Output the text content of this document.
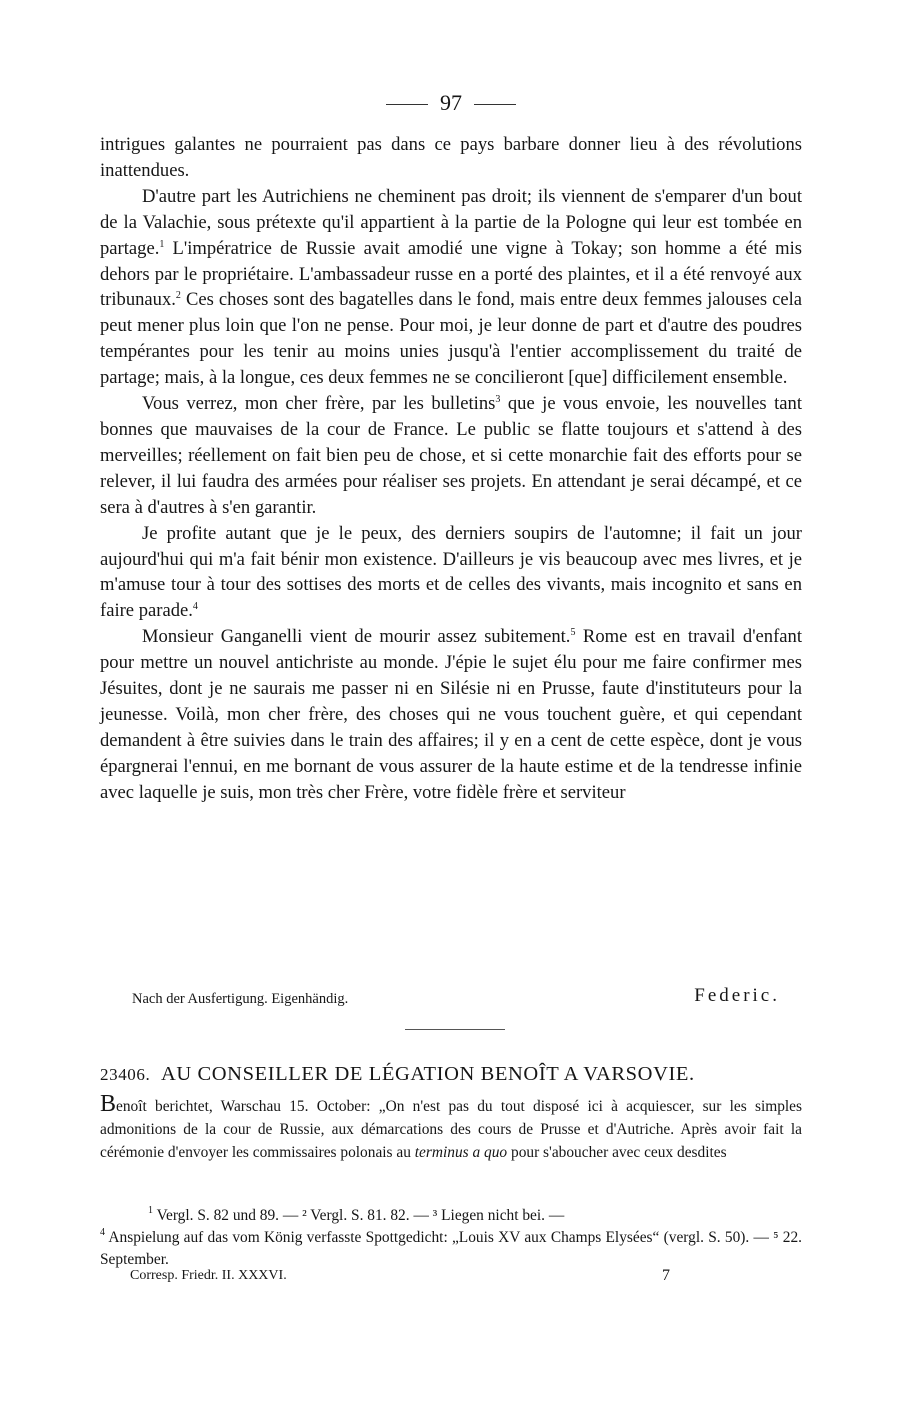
97

intrigues galantes ne pourraient pas dans ce pays barbare donner lieu à des révolutions inattendues.

D'autre part les Autrichiens ne cheminent pas droit; ils viennent de s'emparer d'un bout de la Valachie, sous prétexte qu'il appartient à la partie de la Pologne qui leur est tombée en partage.$^1$ L'impératrice de Russie avait amodié une vigne à Tokay; son homme a été mis dehors par le propriétaire. L'ambassadeur russe en a porté des plaintes, et il a été renvoyé aux tribunaux.$^2$ Ces choses sont des bagatelles dans le fond, mais entre deux femmes jalouses cela peut mener plus loin que l'on ne pense. Pour moi, je leur donne de part et d'autre des poudres tempérantes pour les tenir au moins unies jusqu'à l'entier accomplissement du traité de partage; mais, à la longue, ces deux femmes ne se concilieront [que] difficilement ensemble.

Vous verrez, mon cher frère, par les bulletins$^3$ que je vous envoie, les nouvelles tant bonnes que mauvaises de la cour de France. Le public se flatte toujours et s'attend à des merveilles; réellement on fait bien peu de chose, et si cette monarchie fait des efforts pour se relever, il lui faudra des armées pour réaliser ses projets. En attendant je serai décampé, et ce sera à d'autres à s'en garantir.

Je profite autant que je le peux, des derniers soupirs de l'automne; il fait un jour aujourd'hui qui m'a fait bénir mon existence. D'ailleurs je vis beaucoup avec mes livres, et je m'amuse tour à tour des sottises des morts et de celles des vivants, mais incognito et sans en faire parade.$^4$

Monsieur Ganganelli vient de mourir assez subitement.$^5$ Rome est en travail d'enfant pour mettre un nouvel antichriste au monde. J'épie le sujet élu pour me faire confirmer mes Jésuites, dont je ne saurais me passer ni en Silésie ni en Prusse, faute d'instituteurs pour la jeunesse. Voilà, mon cher frère, des choses qui ne vous touchent guère, et qui cependant demandent à être suivies dans le train des affaires; il y en a cent de cette espèce, dont je vous épargnerai l'ennui, en me bornant de vous assurer de la haute estime et de la tendresse infinie avec laquelle je suis, mon très cher Frère, votre fidèle frère et serviteur

Nach der Ausfertigung. Eigenhändig.	Federic.
23406. AU CONSEILLER DE LÉGATION BENOÎT A VARSOVIE.
Benoît berichtet, Warschau 15. October: „On n'est pas du tout disposé ici à acquiescer, sur les simples admonitions de la cour de Russie, aux démarcations des cours de Prusse et d'Autriche. Après avoir fait la cérémonie d'envoyer les commissaires polonais au terminus a quo pour s'aboucher avec ceux desdites

$^1$ Vergl. S. 82 und 89. — ² Vergl. S. 81. 82. — ³ Liegen nicht bei. —

$^4$ Anspielung auf das vom König verfasste Spottgedicht: „Louis XV aux Champs Elysées“ (vergl. S. 50). — ⁵ 22. September.

Corresp. Friedr. II. XXXVI.	7
